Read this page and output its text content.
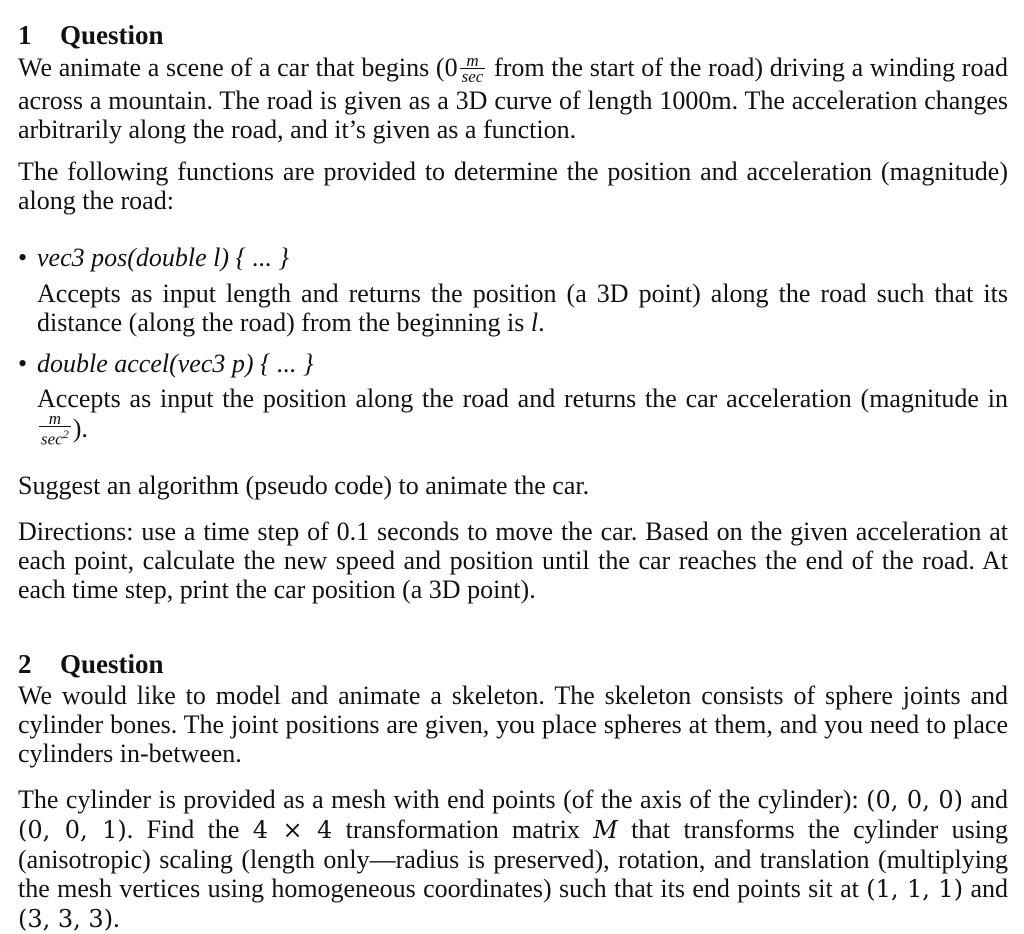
1 Question
We animate a scene of a car that begins ($0 \frac{m}{\sec}$ from the start of the road) driving a winding road across a mountain. The road is given as a 3D curve of length 1000m. The acceleration changes arbitrarily along the road, and it’s given as a function.
The following functions are provided to determine the position and acceleration (magnitude) along the road:
• vec3 pos(double l) { ... }
Accepts as input length and returns the position (a 3D point) along the road such that its distance (along the road) from the beginning is l.
• double accel(vec3 p) { ... }
Accepts as input the position along the road and returns the car acceleration (magnitude in
$\frac{m}{\sec^2}$ ).
Suggest an algorithm (pseudo code) to animate the car.
Directions: use a time step of 0.1 seconds to move the car. Based on the given acceleration at each point, calculate the new speed and position until the car reaches the end of the road. At each time step, print the car position (a 3D point).
2 Question
We would like to model and animate a skeleton. The skeleton consists of sphere joints and cylinder bones. The joint positions are given, you place spheres at them, and you need to place cylinders in-between.
The cylinder is provided as a mesh with end points (of the axis of the cylinder): (0, 0, 0) and (0, 0, 1). Find the 4 × 4 transformation matrix M that transforms the cylinder using (anisotropic) scaling (length only—radius is preserved), rotation, and translation (multiplying the mesh vertices using homogeneous coordinates) such that its end points sit at (1, 1, 1) and (3, 3, 3).
